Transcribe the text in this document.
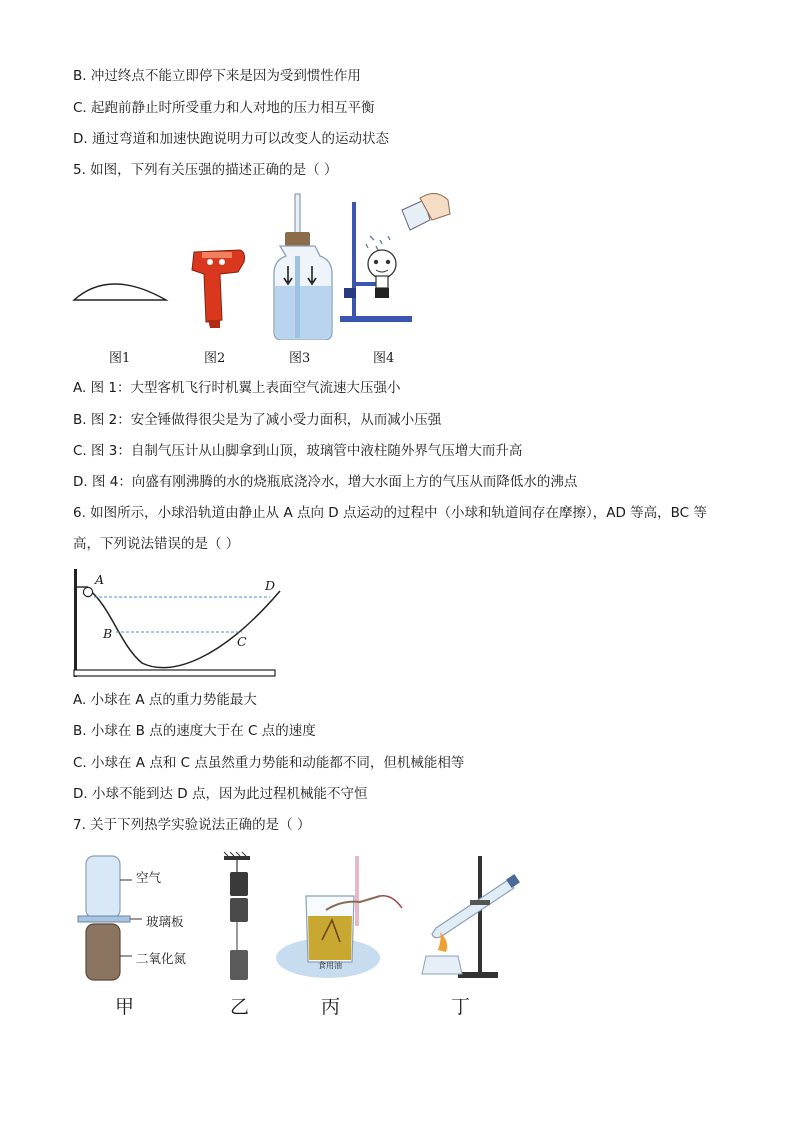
B. 冲过终点不能立即停下来是因为受到惯性作用
C. 起跑前静止时所受重力和人对地的压力相互平衡
D. 通过弯道和加速快跑说明力可以改变人的运动状态
5. 如图，下列有关压强的描述正确的是（ ）
图1	图2	图3	图4
A. 图 1：大型客机飞行时机翼上表面空气流速大压强小
B. 图 2：安全锤做得很尖是为了减小受力面积，从而减小压强
C. 图 3：自制气压计从山脚拿到山顶，玻璃管中液柱随外界气压增大而升高
D. 图 4：向盛有刚沸腾的水的烧瓶底浇冷水，增大水面上方的气压从而降低水的沸点
6. 如图所示，小球沿轨道由静止从 A 点向 D 点运动的过程中（小球和轨道间存在摩擦），AD 等高，BC 等
高，下列说法错误的是（ ）
A
B
C
D
A. 小球在 A 点的重力势能最大
B. 小球在 B 点的速度大于在 C 点的速度
C. 小球在 A 点和 C 点虽然重力势能和动能都不同，但机械能相等
D. 小球不能到达 D 点，因为此过程机械能不守恒
7. 关于下列热学实验说法正确的是（ ）
空气
玻璃板
二氧化氮	食用油
甲	乙	丙	丁
